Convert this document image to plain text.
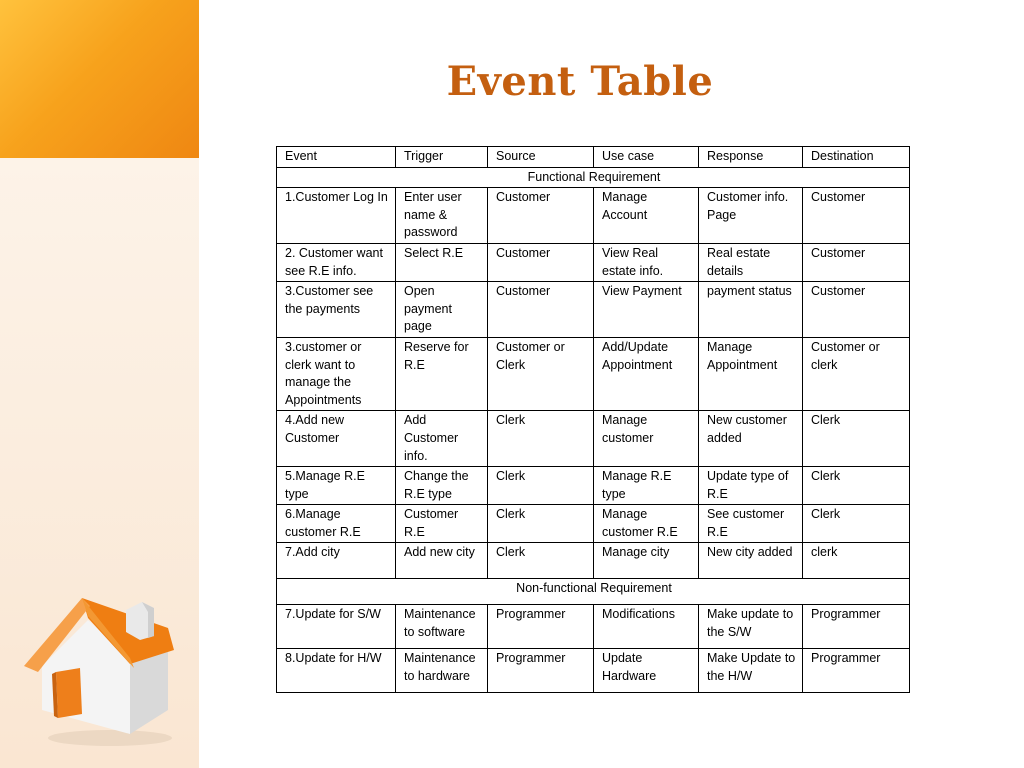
Event Table
Event	Trigger	Source	Use case	Response	Destination
Functional Requirement					
1.Customer Log In	Enter user name & password	Customer	Manage Account	Customer info. Page	Customer
2. Customer want see R.E info.	Select R.E	Customer	View Real estate info.	Real estate details	Customer
3.Customer see the payments	Open payment page	Customer	View Payment	payment status	Customer
3.customer or clerk want to manage the Appointments	Reserve for R.E	Customer or Clerk	Add/Update Appointment	Manage Appointment	Customer or clerk
4.Add new Customer	Add Customer info.	Clerk	Manage customer	New customer added	Clerk
5.Manage R.E type	Change the R.E type	Clerk	Manage R.E type	Update type of R.E	Clerk
6.Manage customer R.E	Customer R.E	Clerk	Manage customer R.E	See customer R.E	Clerk
7.Add city	Add new city	Clerk	Manage city	New city added	clerk
Non-functional Requirement					
7.Update for S/W	Maintenance to software	Programmer	Modifications	Make update to the S/W	Programmer
8.Update for H/W	Maintenance to hardware	Programmer	Update Hardware	Make Update to the H/W	Programmer
